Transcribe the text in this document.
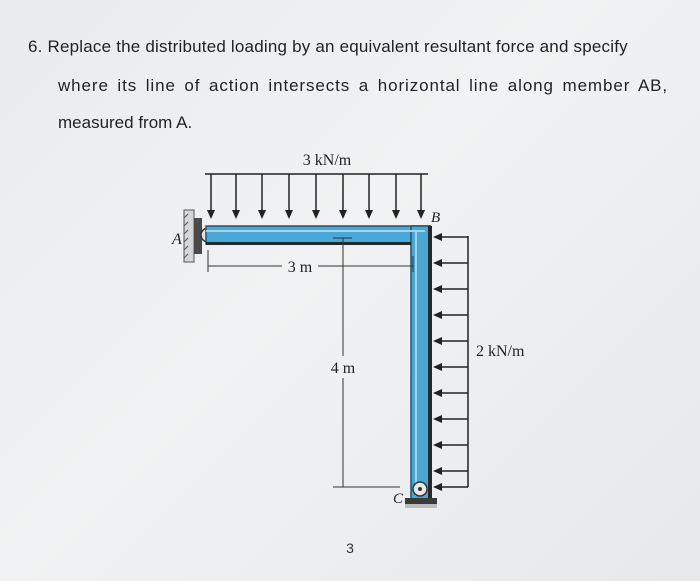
6. Replace the distributed loading by an equivalent resultant force and specify
where its line of action intersects a horizontal line along member AB,
measured from A.
3 kN/m
A
B
2 kN/m
3 m
4 m
C
3
